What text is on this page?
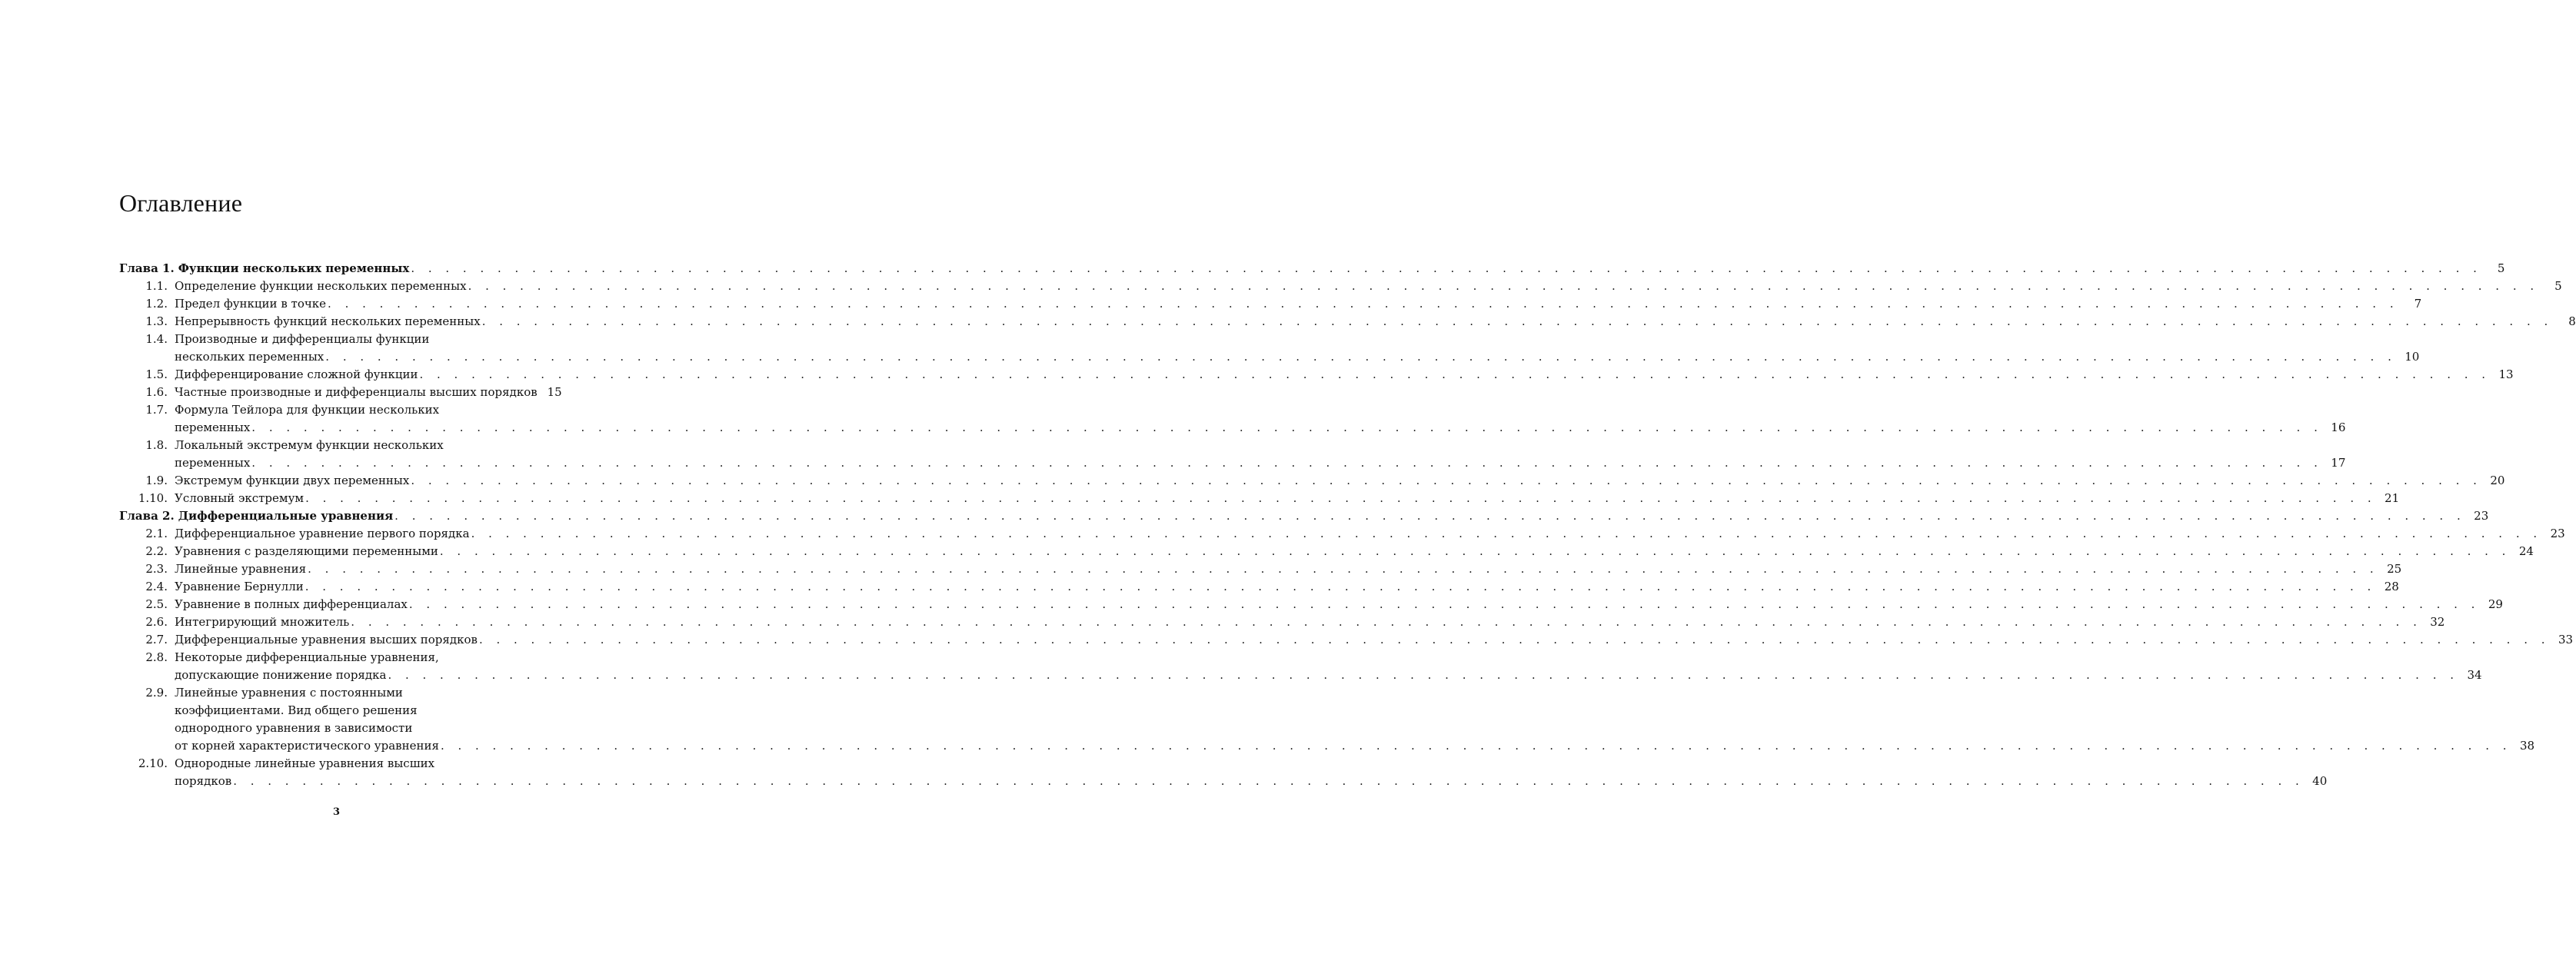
Оглавление
Глава 1. Функции нескольких переменных . . . . . . . . . . . . . . . . . . . . . . . . . . . . . . . . . . . . . . . . . . . . . . . . . . . . . . . . . . . . . . . . . . . . . . . . . . . . . . . . . . . . . . . . . . . . . . . . . . . . . . . . . . . . . . . . . . . . . . . .	5
1.1. Определение функции нескольких переменных . . . . . . . . . . . . . . . . . . . . . . . . . . . . . . . . . . . . . . . . . . . . . . . . . . . . . . . . . . . . . . . . . . . . . . . . . . . . . . . . . . . . . . . . . . . . . . . . . . . . . . . . . . . . . . . . . . . . . . . .	5
1.2. Предел функции в точке . . . . . . . . . . . . . . . . . . . . . . . . . . . . . . . . . . . . . . . . . . . . . . . . . . . . . . . . . . . . . . . . . . . . . . . . . . . . . . . . . . . . . . . . . . . . . . . . . . . . . . . . . . . . . . . . . . . . . . . .	7
1.3. Непрерывность функций нескольких переменных . . . . . . . . . . . . . . . . . . . . . . . . . . . . . . . . . . . . . . . . . . . . . . . . . . . . . . . . . . . . . . . . . . . . . . . . . . . . . . . . . . . . . . . . . . . . . . . . . . . . . . . . . . . . . . . . . . . . . . . .	8
1.4. Производные и дифференциалы функции
нескольких переменных . . . . . . . . . . . . . . . . . . . . . . . . . . . . . . . . . . . . . . . . . . . . . . . . . . . . . . . . . . . . . . . . . . . . . . . . . . . . . . . . . . . . . . . . . . . . . . . . . . . . . . . . . . . . . . . . . . . . . . . . 10
1.5. Дифференцирование сложной функции . . . . . . . . . . . . . . . . . . . . . . . . . . . . . . . . . . . . . . . . . . . . . . . . . . . . . . . . . . . . . . . . . . . . . . . . . . . . . . . . . . . . . . . . . . . . . . . . . . . . . . . . . . . . . . . . . . . . . . . . 13
1.6. Частные производные и дифференциалы высших порядков 15
1.7. Формула Тейлора для функции нескольких
переменных . . . . . . . . . . . . . . . . . . . . . . . . . . . . . . . . . . . . . . . . . . . . . . . . . . . . . . . . . . . . . . . . . . . . . . . . . . . . . . . . . . . . . . . . . . . . . . . . . . . . . . . . . . . . . . . . . . . . . . . . 16
1.8. Локальный экстремум функции нескольких
переменных . . . . . . . . . . . . . . . . . . . . . . . . . . . . . . . . . . . . . . . . . . . . . . . . . . . . . . . . . . . . . . . . . . . . . . . . . . . . . . . . . . . . . . . . . . . . . . . . . . . . . . . . . . . . . . . . . . . . . . . . 17
1.9. Экстремум функции двух переменных . . . . . . . . . . . . . . . . . . . . . . . . . . . . . . . . . . . . . . . . . . . . . . . . . . . . . . . . . . . . . . . . . . . . . . . . . . . . . . . . . . . . . . . . . . . . . . . . . . . . . . . . . . . . . . . . . . . . . . . . 20
1.10. Условный экстремум . . . . . . . . . . . . . . . . . . . . . . . . . . . . . . . . . . . . . . . . . . . . . . . . . . . . . . . . . . . . . . . . . . . . . . . . . . . . . . . . . . . . . . . . . . . . . . . . . . . . . . . . . . . . . . . . . . . . . . . . 21
Глава 2. Дифференциальные уравнения . . . . . . . . . . . . . . . . . . . . . . . . . . . . . . . . . . . . . . . . . . . . . . . . . . . . . . . . . . . . . . . . . . . . . . . . . . . . . . . . . . . . . . . . . . . . . . . . . . . . . . . . . . . . . . . . . . . . . . . . 23
2.1. Дифференциальное уравнение первого порядка . . . . . . . . . . . . . . . . . . . . . . . . . . . . . . . . . . . . . . . . . . . . . . . . . . . . . . . . . . . . . . . . . . . . . . . . . . . . . . . . . . . . . . . . . . . . . . . . . . . . . . . . . . . . . . . . . . . . . . . . 23
2.2. Уравнения с разделяющими переменными . . . . . . . . . . . . . . . . . . . . . . . . . . . . . . . . . . . . . . . . . . . . . . . . . . . . . . . . . . . . . . . . . . . . . . . . . . . . . . . . . . . . . . . . . . . . . . . . . . . . . . . . . . . . . . . . . . . . . . . . 24
2.3. Линейные уравнения . . . . . . . . . . . . . . . . . . . . . . . . . . . . . . . . . . . . . . . . . . . . . . . . . . . . . . . . . . . . . . . . . . . . . . . . . . . . . . . . . . . . . . . . . . . . . . . . . . . . . . . . . . . . . . . . . . . . . . . . 25
2.4. Уравнение Бернулли . . . . . . . . . . . . . . . . . . . . . . . . . . . . . . . . . . . . . . . . . . . . . . . . . . . . . . . . . . . . . . . . . . . . . . . . . . . . . . . . . . . . . . . . . . . . . . . . . . . . . . . . . . . . . . . . . . . . . . . . 28
2.5. Уравнение в полных дифференциалах . . . . . . . . . . . . . . . . . . . . . . . . . . . . . . . . . . . . . . . . . . . . . . . . . . . . . . . . . . . . . . . . . . . . . . . . . . . . . . . . . . . . . . . . . . . . . . . . . . . . . . . . . . . . . . . . . . . . . . . . 29
2.6. Интегрирующий множитель . . . . . . . . . . . . . . . . . . . . . . . . . . . . . . . . . . . . . . . . . . . . . . . . . . . . . . . . . . . . . . . . . . . . . . . . . . . . . . . . . . . . . . . . . . . . . . . . . . . . . . . . . . . . . . . . . . . . . . . . 32
2.7. Дифференциальные уравнения высших порядков . . . . . . . . . . . . . . . . . . . . . . . . . . . . . . . . . . . . . . . . . . . . . . . . . . . . . . . . . . . . . . . . . . . . . . . . . . . . . . . . . . . . . . . . . . . . . . . . . . . . . . . . . . . . . . . . . . . . . . . . 33
2.8. Некоторые дифференциальные уравнения,
допускающие понижение порядка . . . . . . . . . . . . . . . . . . . . . . . . . . . . . . . . . . . . . . . . . . . . . . . . . . . . . . . . . . . . . . . . . . . . . . . . . . . . . . . . . . . . . . . . . . . . . . . . . . . . . . . . . . . . . . . . . . . . . . . . 34
2.9. Линейные уравнения с постоянными
коэффициентами. Вид общего решения
однородного уравнения в зависимости
от корней характеристического уравнения . . . . . . . . . . . . . . . . . . . . . . . . . . . . . . . . . . . . . . . . . . . . . . . . . . . . . . . . . . . . . . . . . . . . . . . . . . . . . . . . . . . . . . . . . . . . . . . . . . . . . . . . . . . . . . . . . . . . . . . . 38
2.10. Однородные линейные уравнения высших
порядков . . . . . . . . . . . . . . . . . . . . . . . . . . . . . . . . . . . . . . . . . . . . . . . . . . . . . . . . . . . . . . . . . . . . . . . . . . . . . . . . . . . . . . . . . . . . . . . . . . . . . . . . . . . . . . . . . . . . . . . . 40
3
